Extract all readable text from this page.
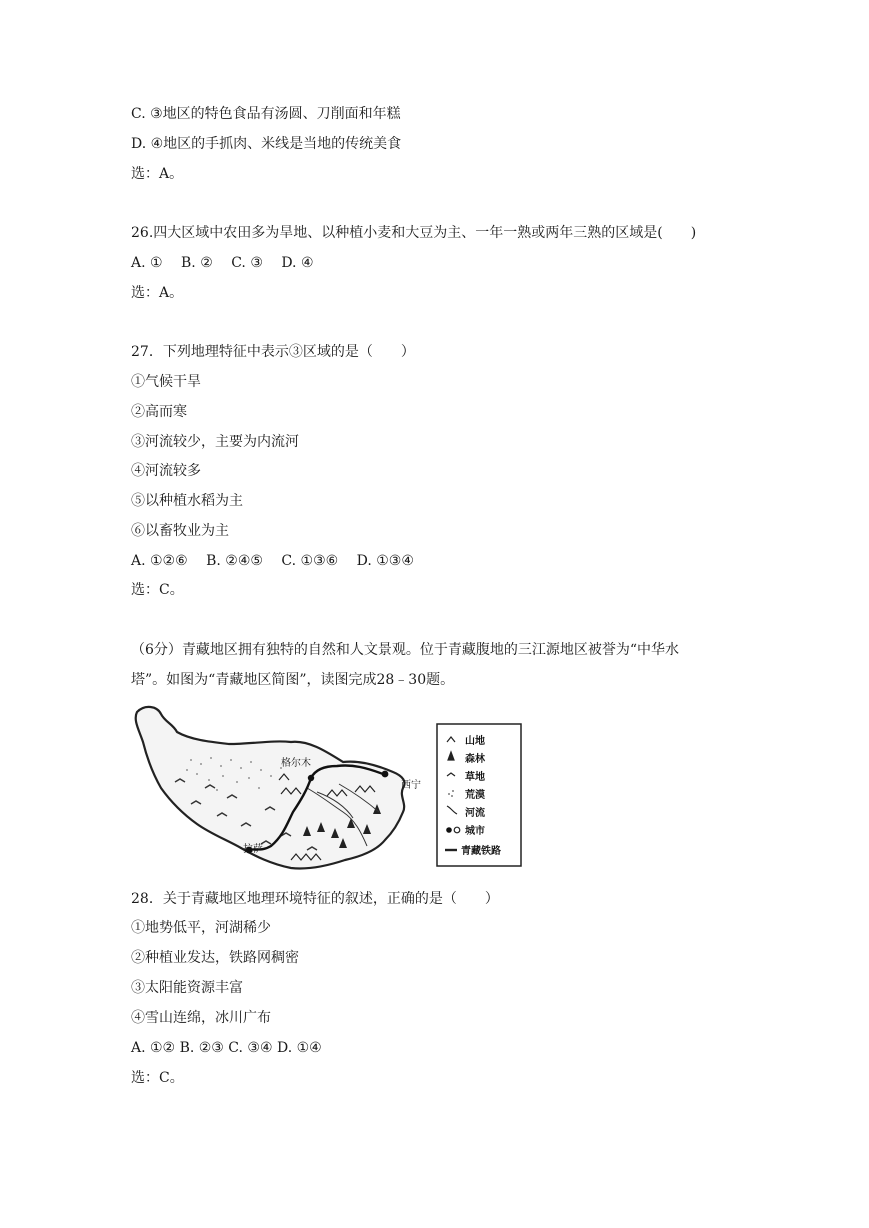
C. ③地区的特色食品有汤圆、刀削面和年糕
D. ④地区的手抓肉、米线是当地的传统美食
选：A。
26.四大区域中农田多为旱地、以种植小麦和大豆为主、一年一熟或两年三熟的区域是(　　)
A. ①　 B. ②　 C. ③　 D. ④
选：A。
27．下列地理特征中表示③区域的是（　　）
①气候干旱
②高而寒
③河流较少，主要为内流河
④河流较多
⑤以种植水稻为主
⑥以畜牧业为主
A. ①②⑥　 B. ②④⑤　 C. ①③⑥　 D. ①③④
选：C。
（6分）青藏地区拥有独特的自然和人文景观。位于青藏腹地的三江源地区被誉为“中华水
塔”。如图为“青藏地区简图”，读图完成28﹣30题。
格尔木
西宁
拉萨
山地
森林
草地
荒漠
河流
城市
青藏铁路
28．关于青藏地区地理环境特征的叙述，正确的是（　　）
①地势低平，河湖稀少
②种植业发达，铁路网稠密
③太阳能资源丰富
④雪山连绵，冰川广布
A. ①② B. ②③ C. ③④ D. ①④
选：C。
